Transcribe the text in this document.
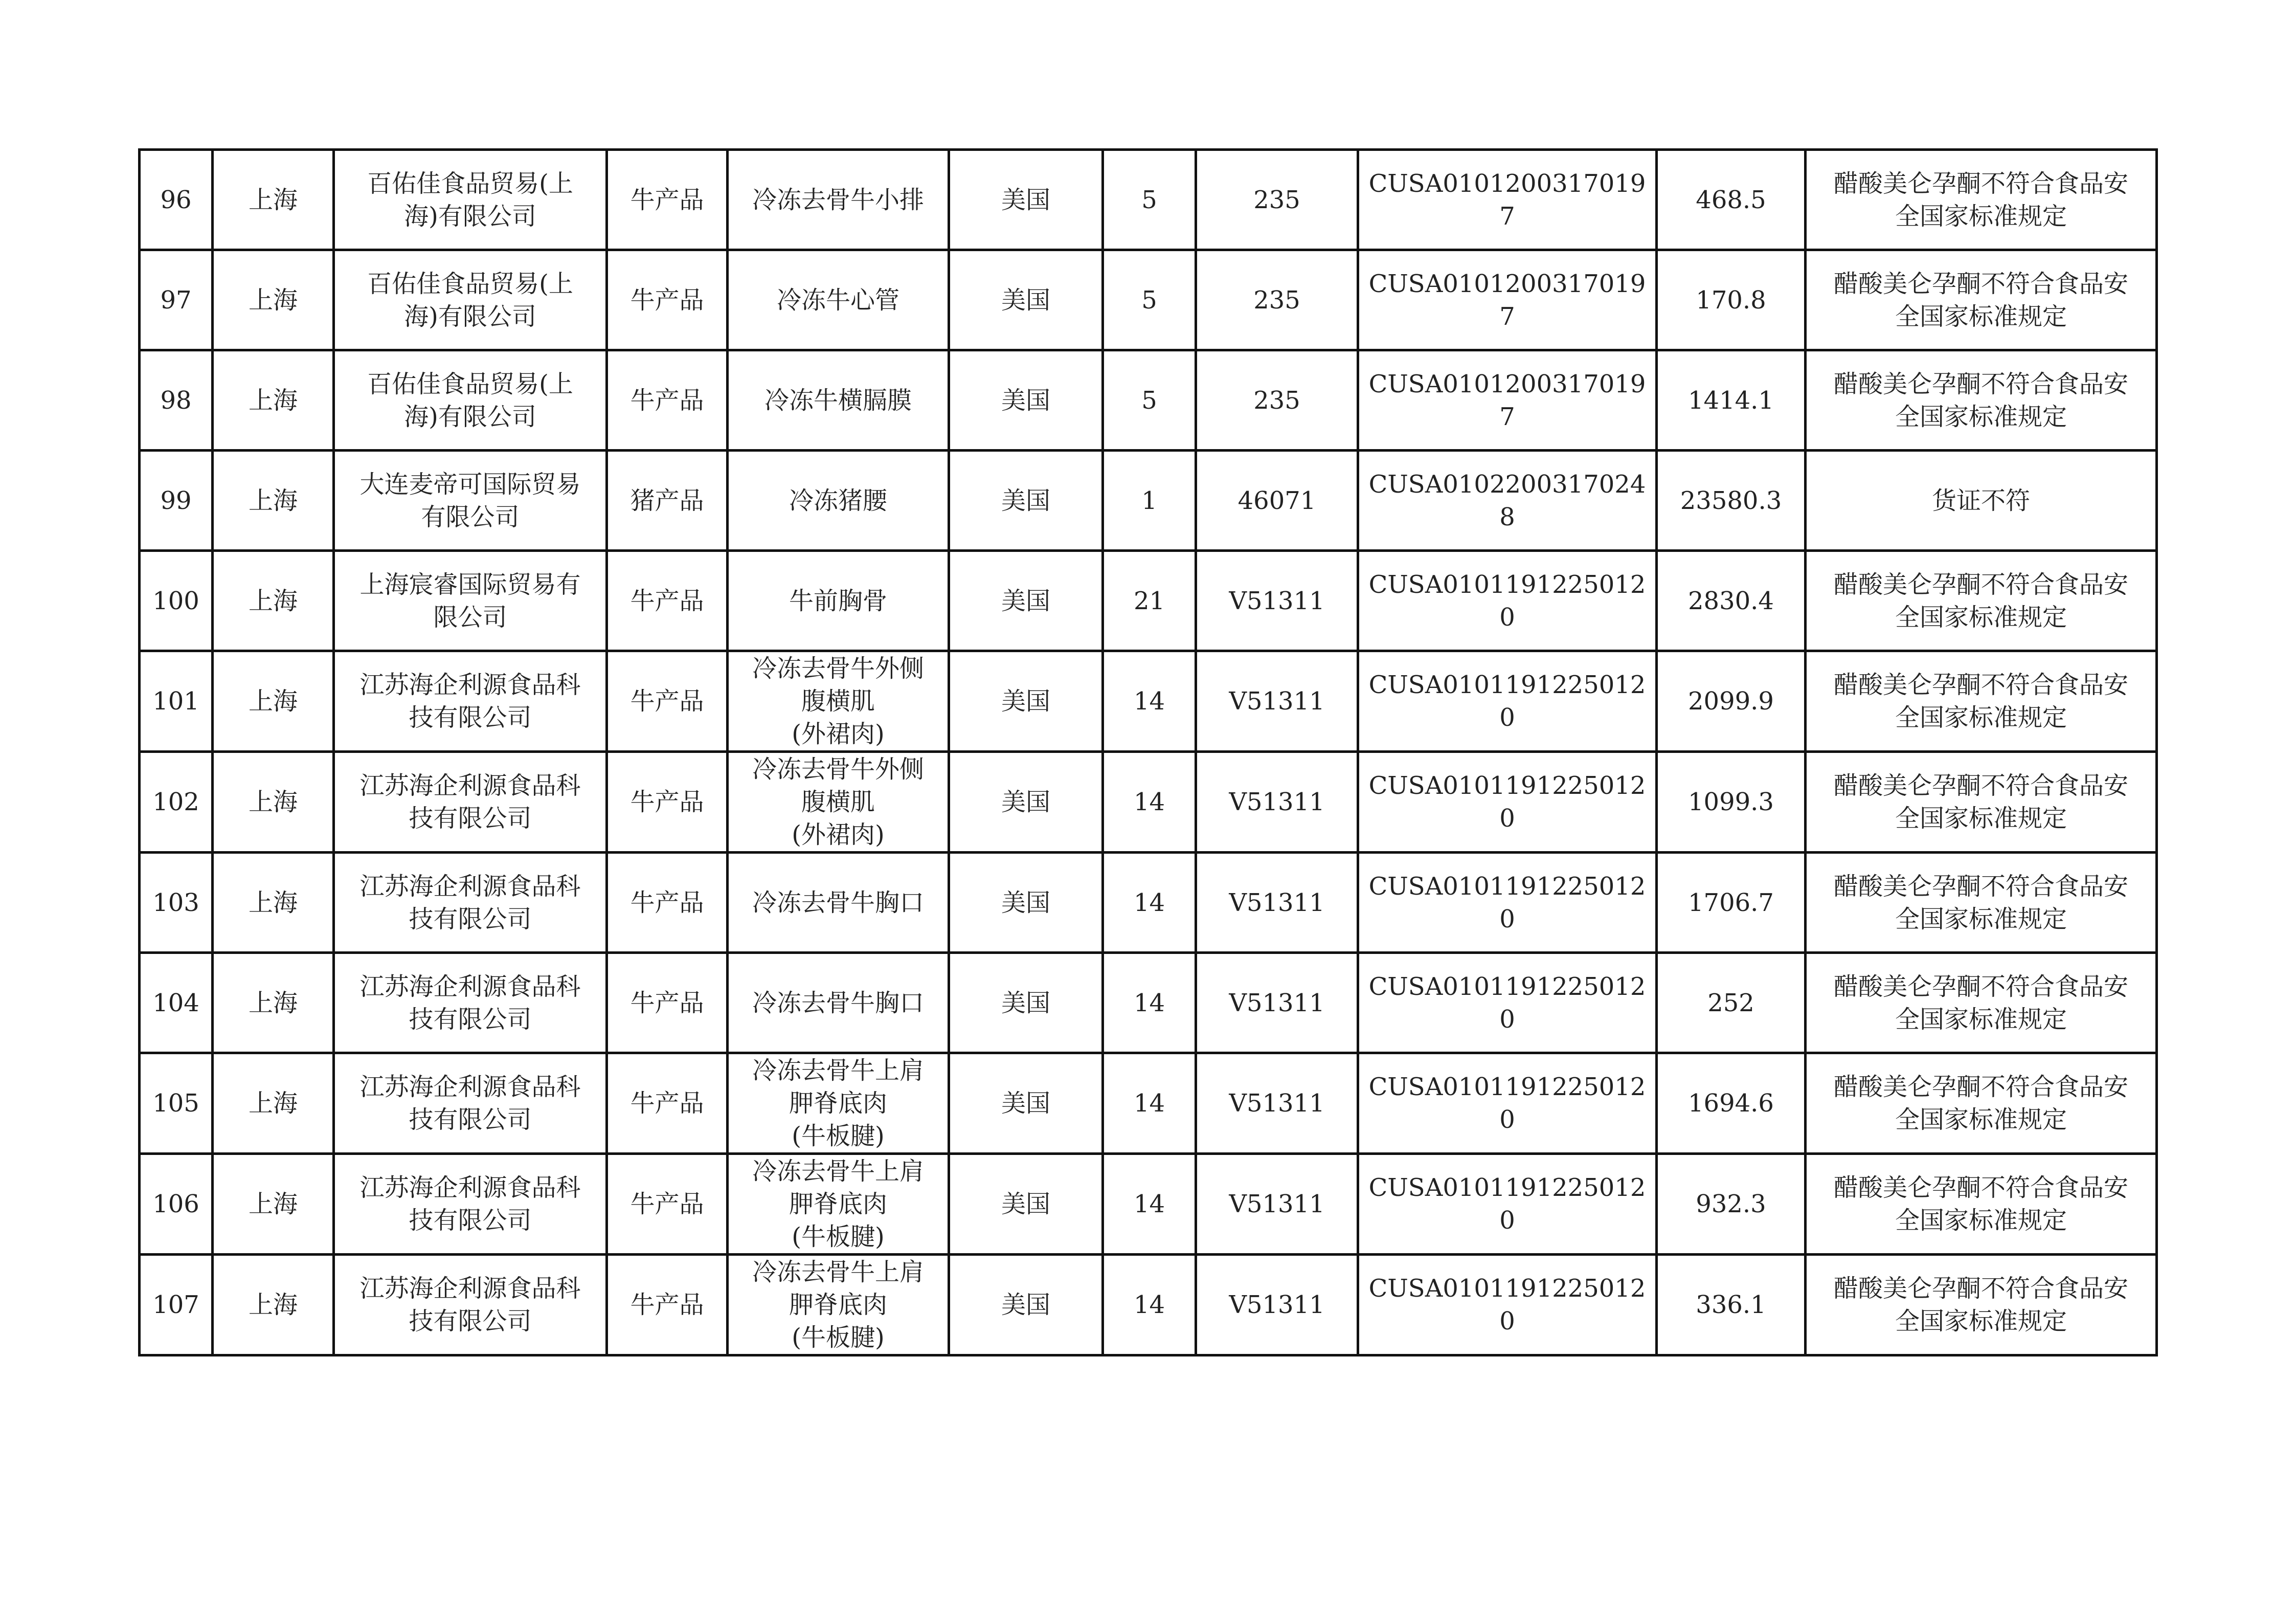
96	上海	百佑佳食品贸易(上
海)有限公司	牛产品	冷冻去骨牛小排	美国	5	235	CUSA01012003170197	468.5	醋酸美仑孕酮不符合食品安
全国家标准规定
97	上海	百佑佳食品贸易(上
海)有限公司	牛产品	冷冻牛心管	美国	5	235	CUSA01012003170197	170.8	醋酸美仑孕酮不符合食品安
全国家标准规定
98	上海	百佑佳食品贸易(上
海)有限公司	牛产品	冷冻牛横膈膜	美国	5	235	CUSA01012003170197	1414.1	醋酸美仑孕酮不符合食品安
全国家标准规定
99	上海	大连麦帝可国际贸易
有限公司	猪产品	冷冻猪腰	美国	1	46071	CUSA01022003170248	23580.3	货证不符
100	上海	上海宸睿国际贸易有
限公司	牛产品	牛前胸骨	美国	21	V51311	CUSA01011912250120	2830.4	醋酸美仑孕酮不符合食品安
全国家标准规定
101	上海	江苏海企利源食品科
技有限公司	牛产品	冷冻去骨牛外侧
腹横肌
(外裙肉)	美国	14	V51311	CUSA01011912250120	2099.9	醋酸美仑孕酮不符合食品安
全国家标准规定
102	上海	江苏海企利源食品科
技有限公司	牛产品	冷冻去骨牛外侧
腹横肌
(外裙肉)	美国	14	V51311	CUSA01011912250120	1099.3	醋酸美仑孕酮不符合食品安
全国家标准规定
103	上海	江苏海企利源食品科
技有限公司	牛产品	冷冻去骨牛胸口	美国	14	V51311	CUSA01011912250120	1706.7	醋酸美仑孕酮不符合食品安
全国家标准规定
104	上海	江苏海企利源食品科
技有限公司	牛产品	冷冻去骨牛胸口	美国	14	V51311	CUSA01011912250120	252	醋酸美仑孕酮不符合食品安
全国家标准规定
105	上海	江苏海企利源食品科
技有限公司	牛产品	冷冻去骨牛上肩
胛脊底肉
(牛板腱)	美国	14	V51311	CUSA01011912250120	1694.6	醋酸美仑孕酮不符合食品安
全国家标准规定
106	上海	江苏海企利源食品科
技有限公司	牛产品	冷冻去骨牛上肩
胛脊底肉
(牛板腱)	美国	14	V51311	CUSA01011912250120	932.3	醋酸美仑孕酮不符合食品安
全国家标准规定
107	上海	江苏海企利源食品科
技有限公司	牛产品	冷冻去骨牛上肩
胛脊底肉
(牛板腱)	美国	14	V51311	CUSA01011912250120	336.1	醋酸美仑孕酮不符合食品安
全国家标准规定
